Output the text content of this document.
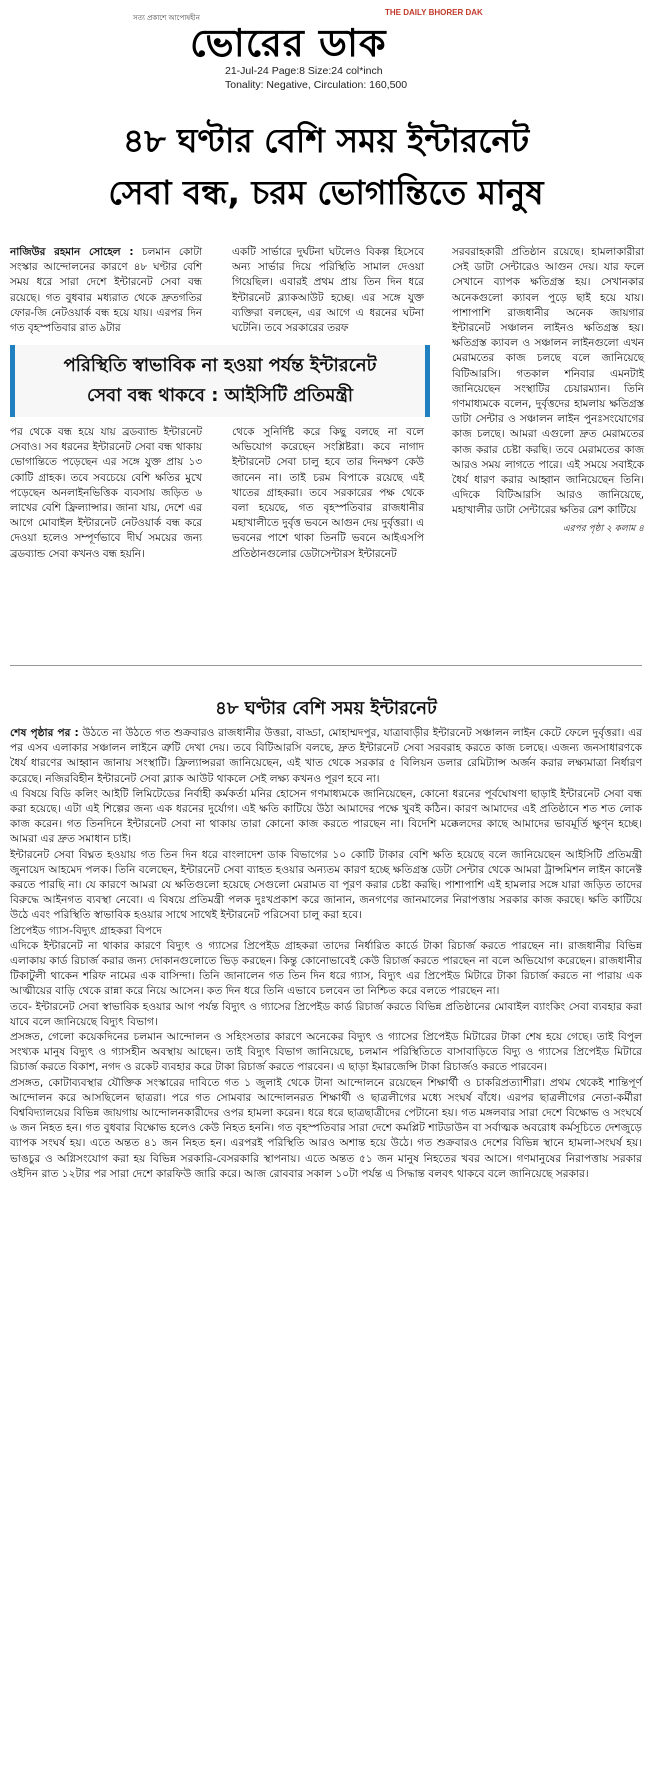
সত্য প্রকাশে আপোষহীন
THE DAILY BHORER DAK
ভোরের ডাক
21-Jul-24 Page:8 Size:24 col*inch
Tonality: Negative, Circulation: 160,500
৪৮ ঘণ্টার বেশি সময় ইন্টারনেট
সেবা বন্ধ, চরম ভোগান্তিতে মানুষ
নাজিউর রহমান সোহেল : চলমান কোটা সংস্কার আন্দোলনের কারণে ৪৮ ঘণ্টার বেশি সময় ধরে সারা দেশে ইন্টারনেট সেবা বন্ধ রয়েছে। গত বুধবার মধ্যরাত থেকে দ্রুতগতির ফোর-জি নেটওয়ার্ক বন্ধ হয়ে যায়। এরপর দিন গত বৃহস্পতিবার রাত ৯টার
একটি সার্ভারে দুর্ঘটনা ঘটলেও বিকল্প হিসেবে অন্য সার্ভার দিয়ে পরিস্থিতি সামাল দেওয়া গিয়েছিল। এবারই প্রথম প্রায় তিন দিন ধরে ইন্টারনেট ব্ল্যাকআউট হচ্ছে। এর সঙ্গে যুক্ত ব্যক্তিরা বলছেন, এর আগে এ ধরনের ঘটনা ঘটেনি। তবে সরকারের তরফ
পরিস্থিতি স্বাভাবিক না হওয়া পর্যন্ত ইন্টারনেট
সেবা বন্ধ থাকবে : আইসিটি প্রতিমন্ত্রী
পর থেকে বন্ধ হয়ে যায় ব্রডব্যান্ড ইন্টারনেট সেবাও। সব ধরনের ইন্টারনেট সেবা বন্ধ থাকায় ভোগান্তিতে পড়েছেন এর সঙ্গে যুক্ত প্রায় ১৩ কোটি গ্রাহক। তবে সবচেয়ে বেশি ক্ষতির মুখে পড়েছেন অনলাইনভিত্তিক ব্যবসায় জড়িত ৬ লাখের বেশি ফ্রিল্যান্সার। জানা যায়, দেশে এর আগে মোবাইল ইন্টারনেট নেটওয়ার্ক বন্ধ করে দেওয়া হলেও সম্পূর্ণভাবে দীর্ঘ সময়ের জন্য ব্রডব্যান্ড সেবা কখনও বন্ধ হয়নি।
থেকে সুনির্দিষ্ট করে কিছু বলছে না বলে অভিযোগ করেছেন সংশ্লিষ্টরা। কবে নাগাদ ইন্টারনেট সেবা চালু হবে তার দিনক্ষণ কেউ জানেন না। তাই চরম বিপাকে রয়েছে এই খাতের গ্রাহকরা। তবে সরকারের পক্ষ থেকে বলা হয়েছে, গত বৃহস্পতিবার রাজধানীর মহাখালীতে দুর্বৃত্ত ভবনে আগুন দেয় দুর্বৃত্তরা। এ ভবনের পাশে থাকা তিনটি ভবনে আইএসপি প্রতিষ্ঠানগুলোর ডেটাসেন্টারস ইন্টারনেট
সরবরাহকারী প্রতিষ্ঠান রয়েছে। হামলাকারীরা সেই ডাটা সেন্টারেও আগুন দেয়। যার ফলে সেখানে ব্যাপক ক্ষতিগ্রস্ত হয়। সেখানকার অনেকগুলো ক্যাবল পুড়ে ছাই হয়ে যায়। পাশাপাশি রাজধানীর অনেক জায়গার ইন্টারনেট সঞ্চালন লাইনও ক্ষতিগ্রস্ত হয়। ক্ষতিগ্রস্ত ক্যাবল ও সঞ্চালন লাইনগুলো এখন মেরামতের কাজ চলছে বলে জানিয়েছে বিটিআরসি। গতকাল শনিবার এমনটাই জানিয়েছেন সংস্থাটির চেয়ারম্যান। তিনি গণমাধ্যমকে বলেন, দুর্বৃত্তদের হামলায় ক্ষতিগ্রস্ত ডাটা সেন্টার ও সঞ্চালন লাইন পুনঃসংযোগের কাজ চলছে। আমরা এগুলো দ্রুত মেরামতের কাজ করার চেষ্টা করছি। তবে মেরামতের কাজ আরও সময় লাগতে পারে। এই সময়ে সবাইকে ধৈর্য ধারণ করার আহ্বান জানিয়েছেন তিনি। এদিকে বিটিআরসি আরও জানিয়েছে, মহাখালীর ডাটা সেন্টারের ক্ষতির রেশ কাটিয়ে
এরপর পৃষ্ঠা ২ কলাম ৪
৪৮ ঘণ্টার বেশি সময় ইন্টারনেট

শেষ পৃষ্ঠার পর : উঠতে না উঠতে গত শুক্রবারও রাজধানীর উত্তরা, বাড্ডা, মোহাম্মদপুর, যাত্রাবাড়ীর ইন্টারনেট সঞ্চালন লাইন কেটে ফেলে দুর্বৃত্তরা। এর পর এসব এলাকার সঞ্চালন লাইনে ত্রুটি দেখা দেয়। তবে বিটিআরসি বলছে, দ্রুত ইন্টারনেট সেবা সরবরাহ করতে কাজ চলছে। এজন্য জনসাধারণকে ধৈর্য ধারণের আহ্বান জানায় সংস্থাটি। ফ্রিল্যান্সররা জানিয়েছেন, এই খাত থেকে সরকার ৫ বিলিয়ন ডলার রেমিট্যান্স অর্জন করার লক্ষ্যমাত্রা নির্ধারণ করেছে। নজিরবিহীন ইন্টারনেট সেবা ব্ল্যাক আউট থাকলে সেই লক্ষ্য কখনও পূরণ হবে না।

এ বিষয়ে বিডি কলিং আইটি লিমিটেডের নির্বাহী কর্মকর্তা মনির হোসেন গণমাধ্যমকে জানিয়েছেন, কোনো ধরনের পূর্বঘোষণা ছাড়াই ইন্টারনেট সেবা বন্ধ করা হয়েছে। এটা এই শিল্পের জন্য এক ধরনের দুর্যোগ। এই ক্ষতি কাটিয়ে উঠা আমাদের পক্ষে খুবই কঠিন। কারণ আমাদের এই প্রতিষ্ঠানে শত শত লোক কাজ করেন। গত তিনদিনে ইন্টারনেট সেবা না থাকায় তারা কোনো কাজ করতে পারছেন না। বিদেশি মক্কেলদের কাছে আমাদের ভাবমূর্তি ক্ষুণ্ন হচ্ছে। আমরা এর দ্রুত সমাধান চাই।

ইন্টারনেট সেবা বিঘ্নত হওয়ায় গত তিন দিন ধরে বাংলাদেশ ডাক বিভাগের ১০ কোটি টাকার বেশি ক্ষতি হয়েছে বলে জানিয়েছেন আইসিটি প্রতিমন্ত্রী জুনায়েদ আহমেদ পলক। তিনি বলেছেন, ইন্টারনেট সেবা ব্যাহত হওয়ার অন্যতম কারণ হচ্ছে ক্ষতিগ্রস্ত ডেটা সেন্টার থেকে আমরা ট্রান্সমিশন লাইন কানেক্ট করতে পারছি না। যে কারণে আমরা যে ক্ষতিগুলো হয়েছে সেগুলো মেরামত বা পূরণ করার চেষ্টা করছি। পাশাপাশি এই হামলার সঙ্গে যারা জড়িত তাদের বিরুদ্ধে আইনগত ব্যবস্থা নেবো। এ বিষয়ে প্রতিমন্ত্রী পলক দুঃখপ্রকাশ করে জানান, জনগণের জানমালের নিরাপত্তায় সরকার কাজ করছে। ক্ষতি কাটিয়ে উঠে এবং পরিস্থিতি স্বাভাবিক হওয়ার সাথে সাথেই ইন্টারনেট পরিসেবা চালু করা হবে।

প্রিপেইড গ্যাস-বিদ্যুৎ গ্রাহকরা বিপদে

এদিকে ইন্টারনেট না থাকার কারণে বিদ্যুৎ ও গ্যাসের প্রিপেইড গ্রাহকরা তাদের নির্ধারিত কার্ডে টাকা রিচার্জ করতে পারছেন না। রাজধানীর বিভিন্ন এলাকায় কার্ড রিচার্জ করার জন্য দোকানগুলোতে ভিড় করছেন। কিন্তু কোনোভাবেই কেউ রিচার্জ করতে পারছেন না বলে অভিযোগ করেছেন। রাজধানীর টিকাটুলী থাকেন শরিফ নামের এক বাসিন্দা। তিনি জানালেন গত তিন দিন ধরে গ্যাস, বিদ্যুৎ এর প্রিপেইড মিটারে টাকা রিচার্জ করতে না পারায় এক আত্মীয়ের বাড়ি থেকে রান্না করে নিয়ে আসেন। কত দিন ধরে তিনি এভাবে চলবেন তা নিশ্চিত করে বলতে পারছেন না।

তবে- ইন্টারনেট সেবা স্বাভাবিক হওয়ার আগ পর্যন্ত বিদ্যুৎ ও গ্যাসের প্রিপেইড কার্ড রিচার্জ করতে বিভিন্ন প্রতিষ্ঠানের মোবাইল ব্যাংকিং সেবা ব্যবহার করা যাবে বলে জানিয়েছে বিদ্যুৎ বিভাগ।

প্রসঙ্গত, গেলো কয়েকদিনের চলমান আন্দোলন ও সহিংসতার কারণে অনেকের বিদ্যুৎ ও গ্যাসের প্রিপেইড মিটারের টাকা শেষ হয়ে গেছে। তাই বিপুল সংখ্যক মানুষ বিদ্যুৎ ও গ্যাসহীন অবস্থায় আছেন। তাই বিদ্যুৎ বিভাগ জানিয়েছে, চলমান পরিস্থিতিতে বাসাবাড়িতে বিদ্যু ও গ্যাসের প্রিপেইড মিটারে রিচার্জ করতে বিকাশ, নগদ ও রকেট ব্যবহার করে টাকা রিচার্জ করতে পারবেন। এ ছাড়া ইমারজেন্সি টাকা রিচার্জও করতে পারবেন।

প্রসঙ্গত, কোটাব্যবস্থার যৌক্তিক সংস্কারের দাবিতে গত ১ জুলাই থেকে টানা আন্দোলনে রয়েছেন শিক্ষার্থী ও চাকরিপ্রত্যাশীরা। প্রথম থেকেই শান্তিপূর্ণ আন্দোলন করে আসছিলেন ছাত্ররা। পরে গত সোমবার আন্দোলনরত শিক্ষার্থী ও ছাত্রলীগের মধ্যে সংঘর্ষ বাঁধে। এরপর ছাত্রলীগের নেতা-কর্মীরা বিশ্ববিদ্যালয়ের বিভিন্ন জায়গায় আন্দোলনকারীদের ওপর হামলা করেন। ধরে ধরে ছাত্রছাত্রীদের পেটানো হয়। গত মঙ্গলবার সারা দেশে বিক্ষোভ ও সংঘর্ষে ৬ জন নিহত হন। গত বুধবার বিক্ষোভ হলেও কেউ নিহত হননি। গত বৃহস্পতিবার সারা দেশে কমপ্লিট শাটডাউন বা সর্বাত্মক অবরোধ কর্মসূচিতে দেশজুড়ে ব্যাপক সংঘর্ষ হয়। এতে অন্তত ৪১ জন নিহত হন। এরপরই পরিস্থিতি আরও অশান্ত হয়ে উঠে। গত শুক্রবারও দেশের বিভিন্ন স্থানে হামলা-সংঘর্ষ হয়। ভাঙচুর ও অগ্নিসংযোগ করা হয় বিভিন্ন সরকারি-বেসরকারি স্থাপনায়। এতে অন্তত ৫১ জন মানুষ নিহতের খবর আসে। গণমানুষের নিরাপত্তায় সরকার ওইদিন রাত ১২টার পর সারা দেশে কারফিউ জারি করে। আজ রোববার সকাল ১০টা পর্যন্ত এ সিদ্ধান্ত বলবৎ থাকবে বলে জানিয়েছে সরকার।
